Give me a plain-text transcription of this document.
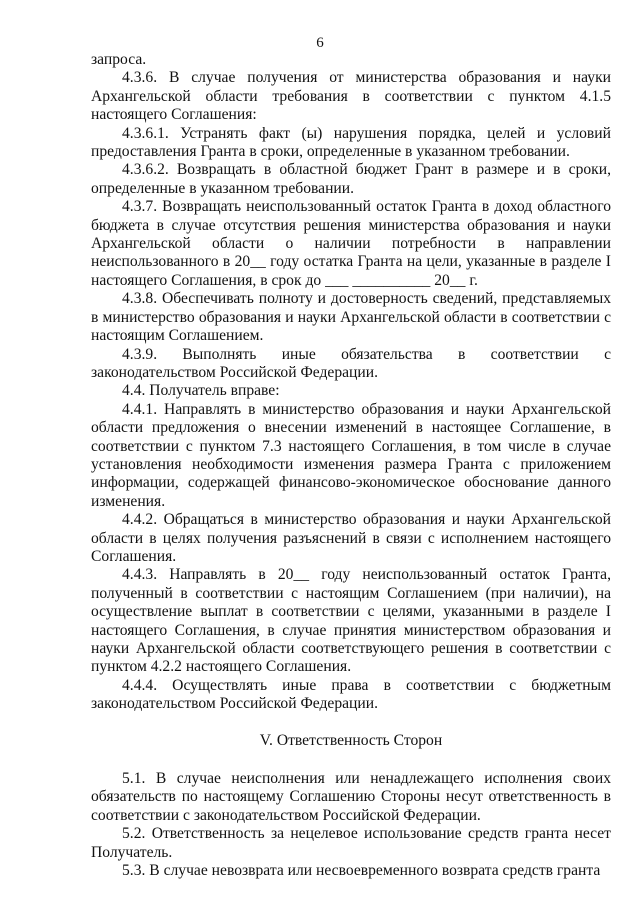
6

запроса.

4.3.6. В случае получения от министерства образования и науки Архангельской области требования в соответствии с пунктом 4.1.5 настоящего Соглашения:

4.3.6.1. Устранять факт (ы) нарушения порядка, целей и условий предоставления Гранта в сроки, определенные в указанном требовании.

4.3.6.2. Возвращать в областной бюджет Грант в размере и в сроки, определенные в указанном требовании.

4.3.7. Возвращать неиспользованный остаток Гранта в доход областного бюджета в случае отсутствия решения министерства образования и науки Архангельской области о наличии потребности в направлении неиспользованного в 20__ году остатка Гранта на цели, указанные в разделе I настоящего Соглашения, в срок до ___ __________ 20__ г.

4.3.8. Обеспечивать полноту и достоверность сведений, представляемых в министерство образования и науки Архангельской области в соответствии с настоящим Соглашением.

4.3.9. Выполнять иные обязательства в соответствии с законодательством Российской Федерации.

4.4. Получатель вправе:

4.4.1. Направлять в министерство образования и науки Архангельской области предложения о внесении изменений в настоящее Соглашение, в соответствии с пунктом 7.3 настоящего Соглашения, в том числе в случае установления необходимости изменения размера Гранта с приложением информации, содержащей финансово-экономическое обоснование данного изменения.

4.4.2. Обращаться в министерство образования и науки Архангельской области в целях получения разъяснений в связи с исполнением настоящего Соглашения.

4.4.3. Направлять в 20__ году неиспользованный остаток Гранта, полученный в соответствии с настоящим Соглашением (при наличии), на осуществление выплат в соответствии с целями, указанными в разделе I настоящего Соглашения, в случае принятия министерством образования и науки Архангельской области соответствующего решения в соответствии с пунктом 4.2.2 настоящего Соглашения.

4.4.4. Осуществлять иные права в соответствии с бюджетным законодательством Российской Федерации.

V. Ответственность Сторон

5.1. В случае неисполнения или ненадлежащего исполнения своих обязательств по настоящему Соглашению Стороны несут ответственность в соответствии с законодательством Российской Федерации.

5.2. Ответственность за нецелевое использование средств гранта несет Получатель.

5.3. В случае невозврата или несвоевременного возврата средств гранта
